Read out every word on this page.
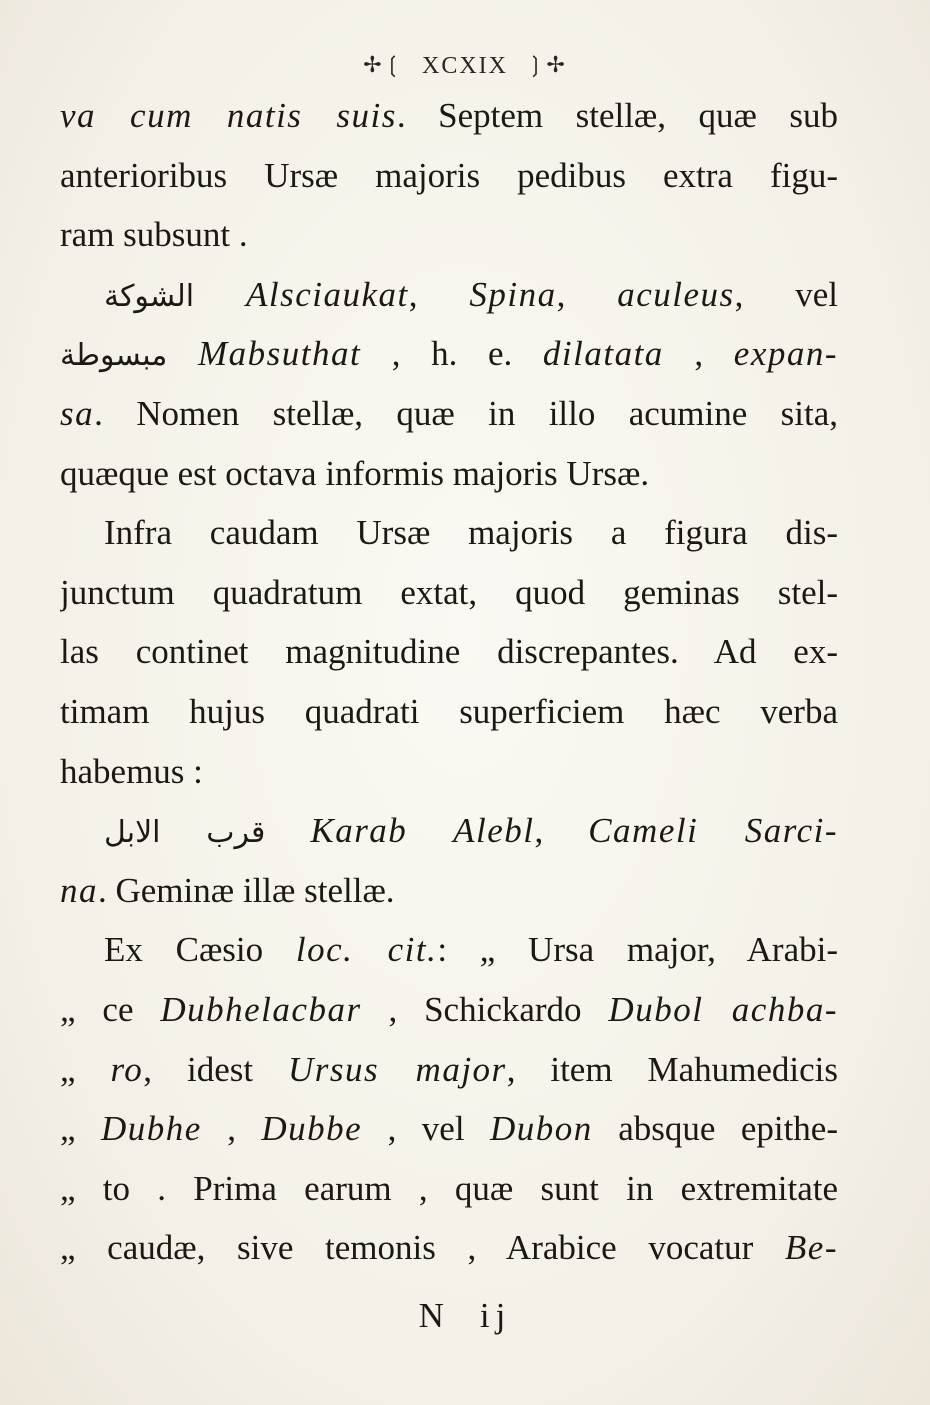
✢❲ XCXIX ❳✢
va cum natis suis. Septem stellæ, quæ sub
anterioribus Ursæ majoris pedibus extra figu-
ram subsunt .
الشوكة Alsciaukat, Spina, aculeus, vel
مبسوطة Mabsuthat , h. e. dilatata , expan-
sa. Nomen stellæ, quæ in illo acumine sita,
quæque est octava informis majoris Ursæ.
Infra caudam Ursæ majoris a figura dis-
junctum quadratum extat, quod geminas stel-
las continet magnitudine discrepantes. Ad ex-
timam hujus quadrati superficiem hæc verba
habemus :
قرب الابل Karab Alebl, Cameli Sarci-
na. Geminæ illæ stellæ.
Ex Cæsio loc. cit.: „ Ursa major, Arabi-
„ ce Dubhelacbar , Schickardo Dubol achba-
„ ro, idest Ursus major, item Mahumedicis
„ Dubhe , Dubbe , vel Dubon absque epithe-
„ to . Prima earum , quæ sunt in extremitate
„ caudæ, sive temonis , Arabice vocatur Be-
N ij
